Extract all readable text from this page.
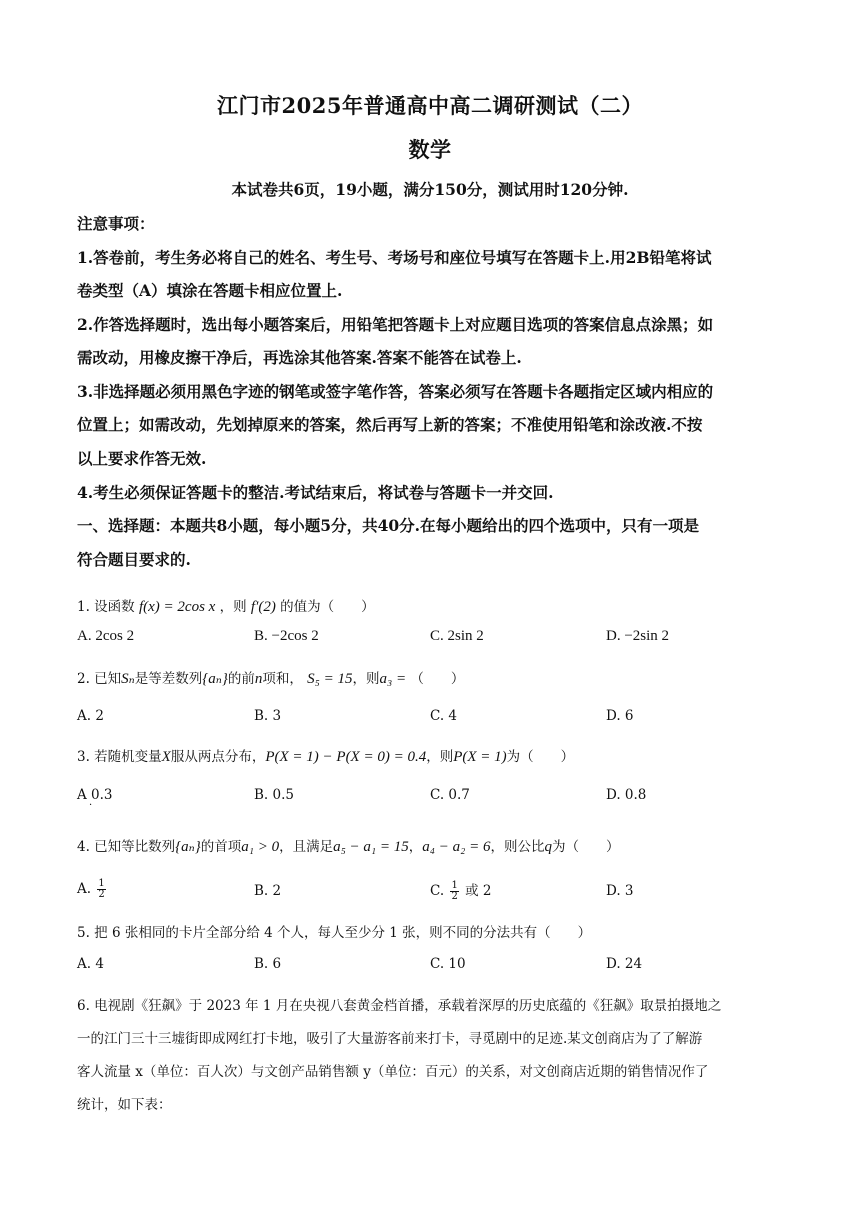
江门市2025年普通高中高二调研测试（二）
数学
本试卷共6页，19小题，满分150分，测试用时120分钟.
注意事项：
1.答卷前，考生务必将自己的姓名、考生号、考场号和座位号填写在答题卡上.用2B铅笔将试
卷类型（A）填涂在答题卡相应位置上.
2.作答选择题时，选出每小题答案后，用铅笔把答题卡上对应题目选项的答案信息点涂黑；如
需改动，用橡皮擦干净后，再选涂其他答案.答案不能答在试卷上.
3.非选择题必须用黑色字迹的钢笔或签字笔作答，答案必须写在答题卡各题指定区域内相应的
位置上；如需改动，先划掉原来的答案，然后再写上新的答案；不准使用铅笔和涂改液.不按
以上要求作答无效.
4.考生必须保证答题卡的整洁.考试结束后，将试卷与答题卡一并交回.
一、选择题：本题共8小题，每小题5分，共40分.在每小题给出的四个选项中，只有一项是
符合题目要求的.
1. 设函数 f(x) = 2cos x ，则 f′(2) 的值为（　　）
A. 2cos 2	B. −2cos 2	C. 2sin 2	D. −2sin 2
2. 已知Sₙ是等差数列{aₙ}的前n项和， S₅ = 15，则a₃ = （　　）
A. 2	B. 3	C. 4	D. 6
3. 若随机变量X服从两点分布，P(X = 1) − P(X = 0) = 0.4，则P(X = 1)为（　　）
A 0.3
·
B. 0.5	C. 0.7	D. 0.8
4. 已知等比数列{aₙ}的首项a₁ > 0，且满足a₅ − a₁ = 15，a₄ − a₂ = 6，则公比q为（　　）
A. $\frac{1}{2}$	B. 2	C. $\frac{1}{2}$ 或 2	D. 3
5. 把 6 张相同的卡片全部分给 4 个人，每人至少分 1 张，则不同的分法共有（　　）
A. 4	B. 6	C. 10	D. 24
6. 电视剧《狂飙》于 2023 年 1 月在央视八套黄金档首播，承载着深厚的历史底蕴的《狂飙》取景拍摄地之
一的江门三十三墟街即成网红打卡地，吸引了大量游客前来打卡，寻觅剧中的足迹.某文创商店为了了解游
客人流量 x（单位：百人次）与文创产品销售额 y（单位：百元）的关系，对文创商店近期的销售情况作了
统计，如下表：
